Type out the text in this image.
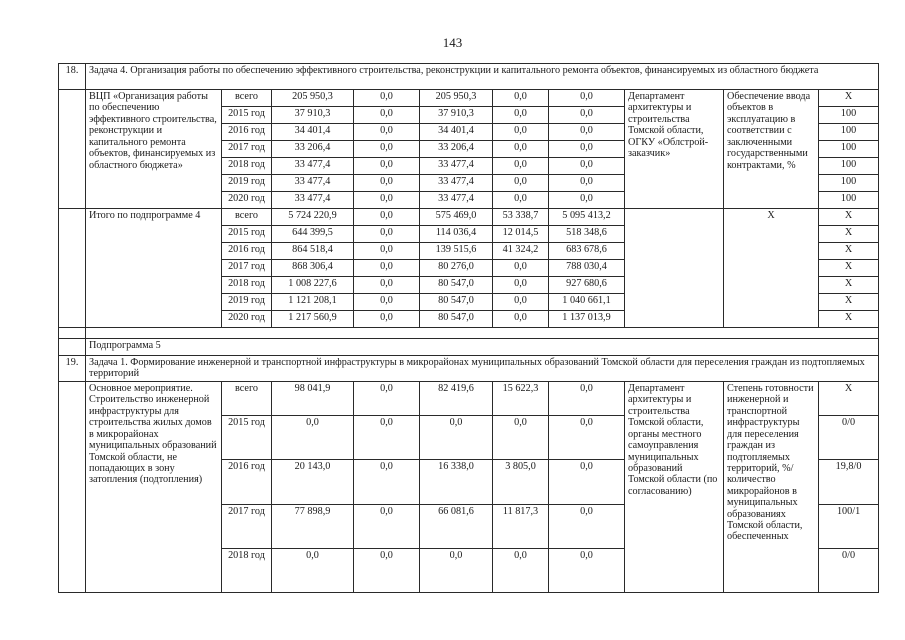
143
18.	Задача 4. Организация работы по обеспечению эффективного строительства, реконструкции и капитального ремонта объектов, финансируемых из областного бюджета									
	ВЦП «Организация работы по обеспечению эффективного строительства, реконструкции и капитального ремонта объектов, финансируемых из областного бюджета»	всего	205 950,3	0,0	205 950,3	0,0	0,0	Департамент архитектуры и строительства Томской области, ОГКУ «Облстрой-заказчик»	Обеспечение ввода объектов в эксплуатацию в соответствии с заключенными государственными контрактами, %	X
		2015 год	37 910,3	0,0	37 910,3	0,0	0,0			100
		2016 год	34 401,4	0,0	34 401,4	0,0	0,0			100
		2017 год	33 206,4	0,0	33 206,4	0,0	0,0			100
		2018 год	33 477,4	0,0	33 477,4	0,0	0,0			100
		2019 год	33 477,4	0,0	33 477,4	0,0	0,0			100
		2020 год	33 477,4	0,0	33 477,4	0,0	0,0			100
	Итого по подпрограмме 4	всего	5 724 220,9	0,0	575 469,0	53 338,7	5 095 413,2		X	X
		2015 год	644 399,5	0,0	114 036,4	12 014,5	518 348,6			X
		2016 год	864 518,4	0,0	139 515,6	41 324,2	683 678,6			X
		2017 год	868 306,4	0,0	80 276,0	0,0	788 030,4			X
		2018 год	1 008 227,6	0,0	80 547,0	0,0	927 680,6			X
		2019 год	1 121 208,1	0,0	80 547,0	0,0	1 040 661,1			X
		2020 год	1 217 560,9	0,0	80 547,0	0,0	1 137 013,9			X

	Подпрограмма 5									
19.	Задача 1. Формирование инженерной и транспортной инфраструктуры в микрорайонах муниципальных образований Томской области для переселения граждан из подтопляемых территорий									
	Основное мероприятие. Строительство инженерной инфраструктуры для строительства жилых домов в микрорайонах муниципальных образований Томской области, не попадающих в зону затопления (подтопления)	всего	98 041,9	0,0	82 419,6	15 622,3	0,0	Департамент архитектуры и строительства Томской области, органы местного самоуправления муниципальных образований Томской области (по согласованию)	Степень готовности инженерной и транспортной инфраструктуры для переселения граждан из подтопляемых территорий, %/ количество микрорайонов в муниципальных образованиях Томской области, обеспеченных	X
		2015 год	0,0	0,0	0,0	0,0	0,0			0/0
		2016 год	20 143,0	0,0	16 338,0	3 805,0	0,0			19,8/0
		2017 год	77 898,9	0,0	66 081,6	11 817,3	0,0			100/1
		2018 год	0,0	0,0	0,0	0,0	0,0			0/0
